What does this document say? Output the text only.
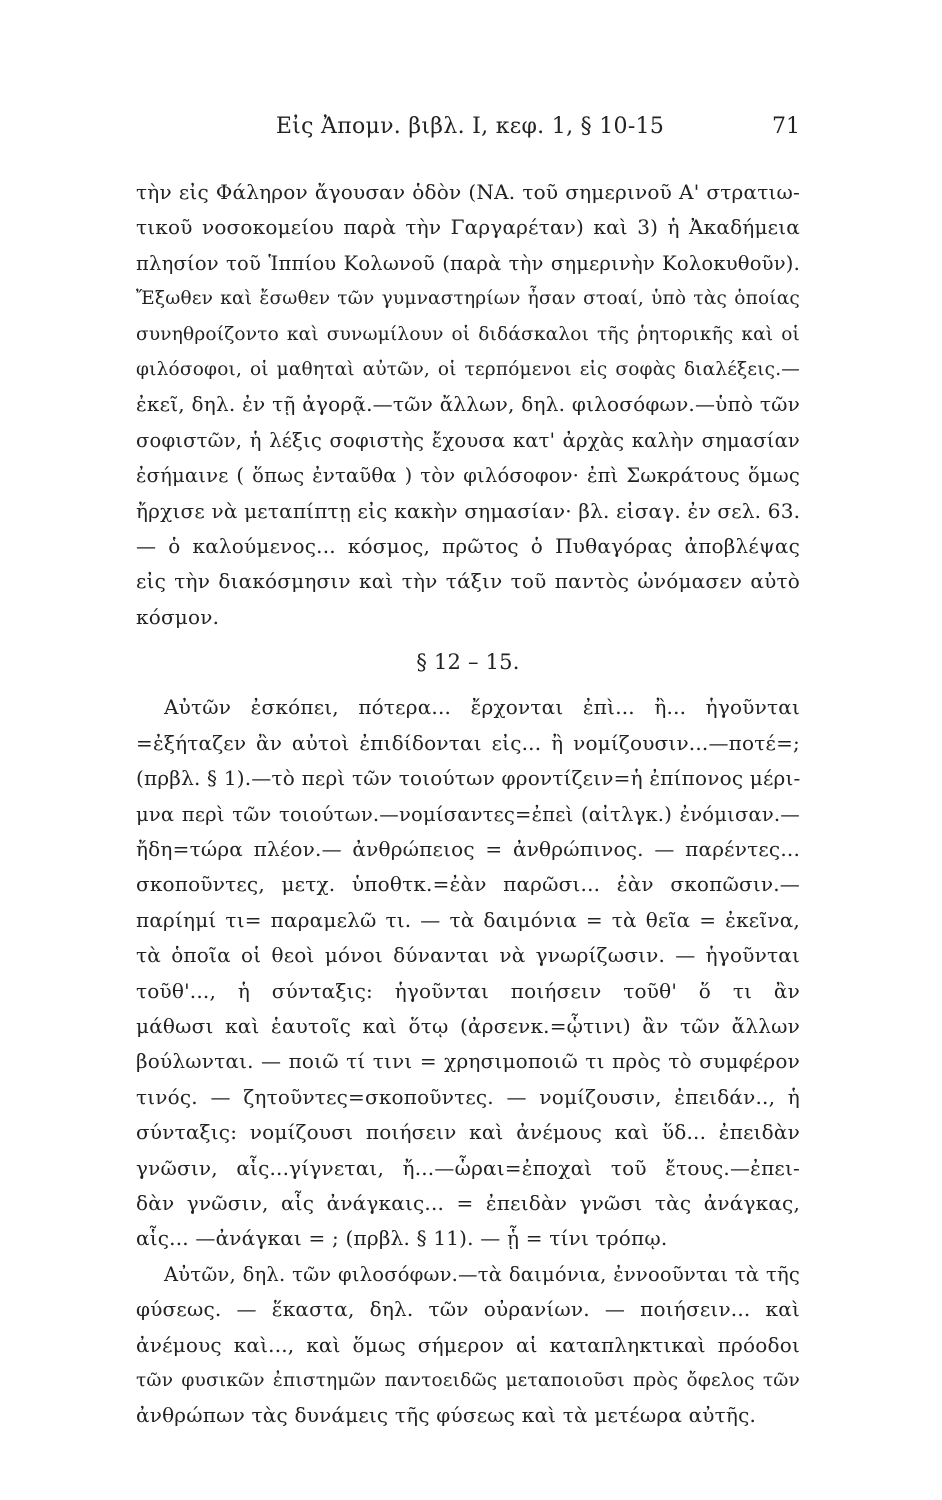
Εἰς Ἀπομν. βιβλ. Ι, κεφ. 1, § 10-15	71
τὴν εἰς Φάληρον ἄγουσαν ὁδὸν (ΝΑ. τοῦ σημερινοῦ Α' στρατιω-
τικοῦ νοσοκομείου παρὰ τὴν Γαργαρέταν) καὶ 3) ἡ Ἀκαδήμεια
πλησίον τοῦ Ἱππίου Κολωνοῦ (παρὰ τὴν σημερινὴν Κολοκυθοῦν).
Ἔξωθεν καὶ ἔσωθεν τῶν γυμναστηρίων ἦσαν στοαί, ὑπὸ τὰς ὁποίας
συνηθροίζοντο καὶ συνωμίλουν οἱ διδάσκαλοι τῆς ῥητορικῆς καὶ οἱ
φιλόσοφοι, οἱ μαθηταὶ αὐτῶν, οἱ τερπόμενοι εἰς σοφὰς διαλέξεις.—
ἐκεῖ, δηλ. ἐν τῇ ἀγορᾷ.—τῶν ἄλλων, δηλ. φιλοσόφων.—ὑπὸ τῶν
σοφιστῶν, ἡ λέξις σοφιστὴς ἔχουσα κατ' ἀρχὰς καλὴν σημασίαν
ἐσήμαινε ( ὅπως ἐνταῦθα ) τὸν φιλόσοφον· ἐπὶ Σωκράτους ὅμως
ἤρχισε νὰ μεταπίπτῃ εἰς κακὴν σημασίαν· βλ. εἰσαγ. ἐν σελ. 63.
— ὁ καλούμενος... κόσμος, πρῶτος ὁ Πυθαγόρας ἀποβλέψας
εἰς τὴν διακόσμησιν καὶ τὴν τάξιν τοῦ παντὸς ὠνόμασεν αὐτὸ
κόσμον.
§ 12 – 15.
Αὐτῶν ἐσκόπει, πότερα... ἔρχονται ἐπὶ... ἢ... ἡγοῦνται
=ἐξήταζεν ἂν αὐτοὶ ἐπιδίδονται εἰς... ἢ νομίζουσιν...—ποτέ=;
(πρβλ. § 1).—τὸ περὶ τῶν τοιούτων φροντίζειν=ἡ ἐπίπονος μέρι-
μνα περὶ τῶν τοιούτων.—νομίσαντες=ἐπεὶ (αἰτλγκ.) ἐνόμισαν.—
ἤδη=τώρα πλέον.— ἀνθρώπειος = ἀνθρώπινος. — παρέντες...
σκοποῦντες, μετχ. ὑποθτκ.=ἐὰν παρῶσι... ἐὰν σκοπῶσιν.—
παρίημί τι= παραμελῶ τι. — τὰ δαιμόνια = τὰ θεῖα = ἐκεῖνα,
τὰ ὁποῖα οἱ θεοὶ μόνοι δύνανται νὰ γνωρίζωσιν. — ἡγοῦνται
τοῦθ'..., ἡ σύνταξις: ἡγοῦνται ποιήσειν τοῦθ' ὅ τι ἂν
μάθωσι καὶ ἑαυτοῖς καὶ ὅτῳ (ἀρσενκ.=ᾧτινι) ἂν τῶν ἄλλων
βούλωνται. — ποιῶ τί τινι = χρησιμοποιῶ τι πρὸς τὸ συμφέρον
τινός. — ζητοῦντες=σκοποῦντες. — νομίζουσιν, ἐπειδάν.., ἡ
σύνταξις: νομίζουσι ποιήσειν καὶ ἀνέμους καὶ ὕδ... ἐπειδὰν
γνῶσιν, αἷς...γίγνεται, ἤ...—ὧραι=ἐποχαὶ τοῦ ἔτους.—ἐπει-
δὰν γνῶσιν, αἷς ἀνάγκαις... = ἐπειδὰν γνῶσι τὰς ἀνάγκας,
αἷς... —ἀνάγκαι = ; (πρβλ. § 11). — ᾗ = τίνι τρόπῳ.
Αὐτῶν, δηλ. τῶν φιλοσόφων.—τὰ δαιμόνια, ἐννοοῦνται τὰ τῆς
φύσεως. — ἕκαστα, δηλ. τῶν οὐρανίων. — ποιήσειν... καὶ
ἀνέμους καὶ..., καὶ ὅμως σήμερον αἱ καταπληκτικαὶ πρόοδοι
τῶν φυσικῶν ἐπιστημῶν παντοειδῶς μεταποιοῦσι πρὸς ὄφελος τῶν
ἀνθρώπων τὰς δυνάμεις τῆς φύσεως καὶ τὰ μετέωρα αὐτῆς.
